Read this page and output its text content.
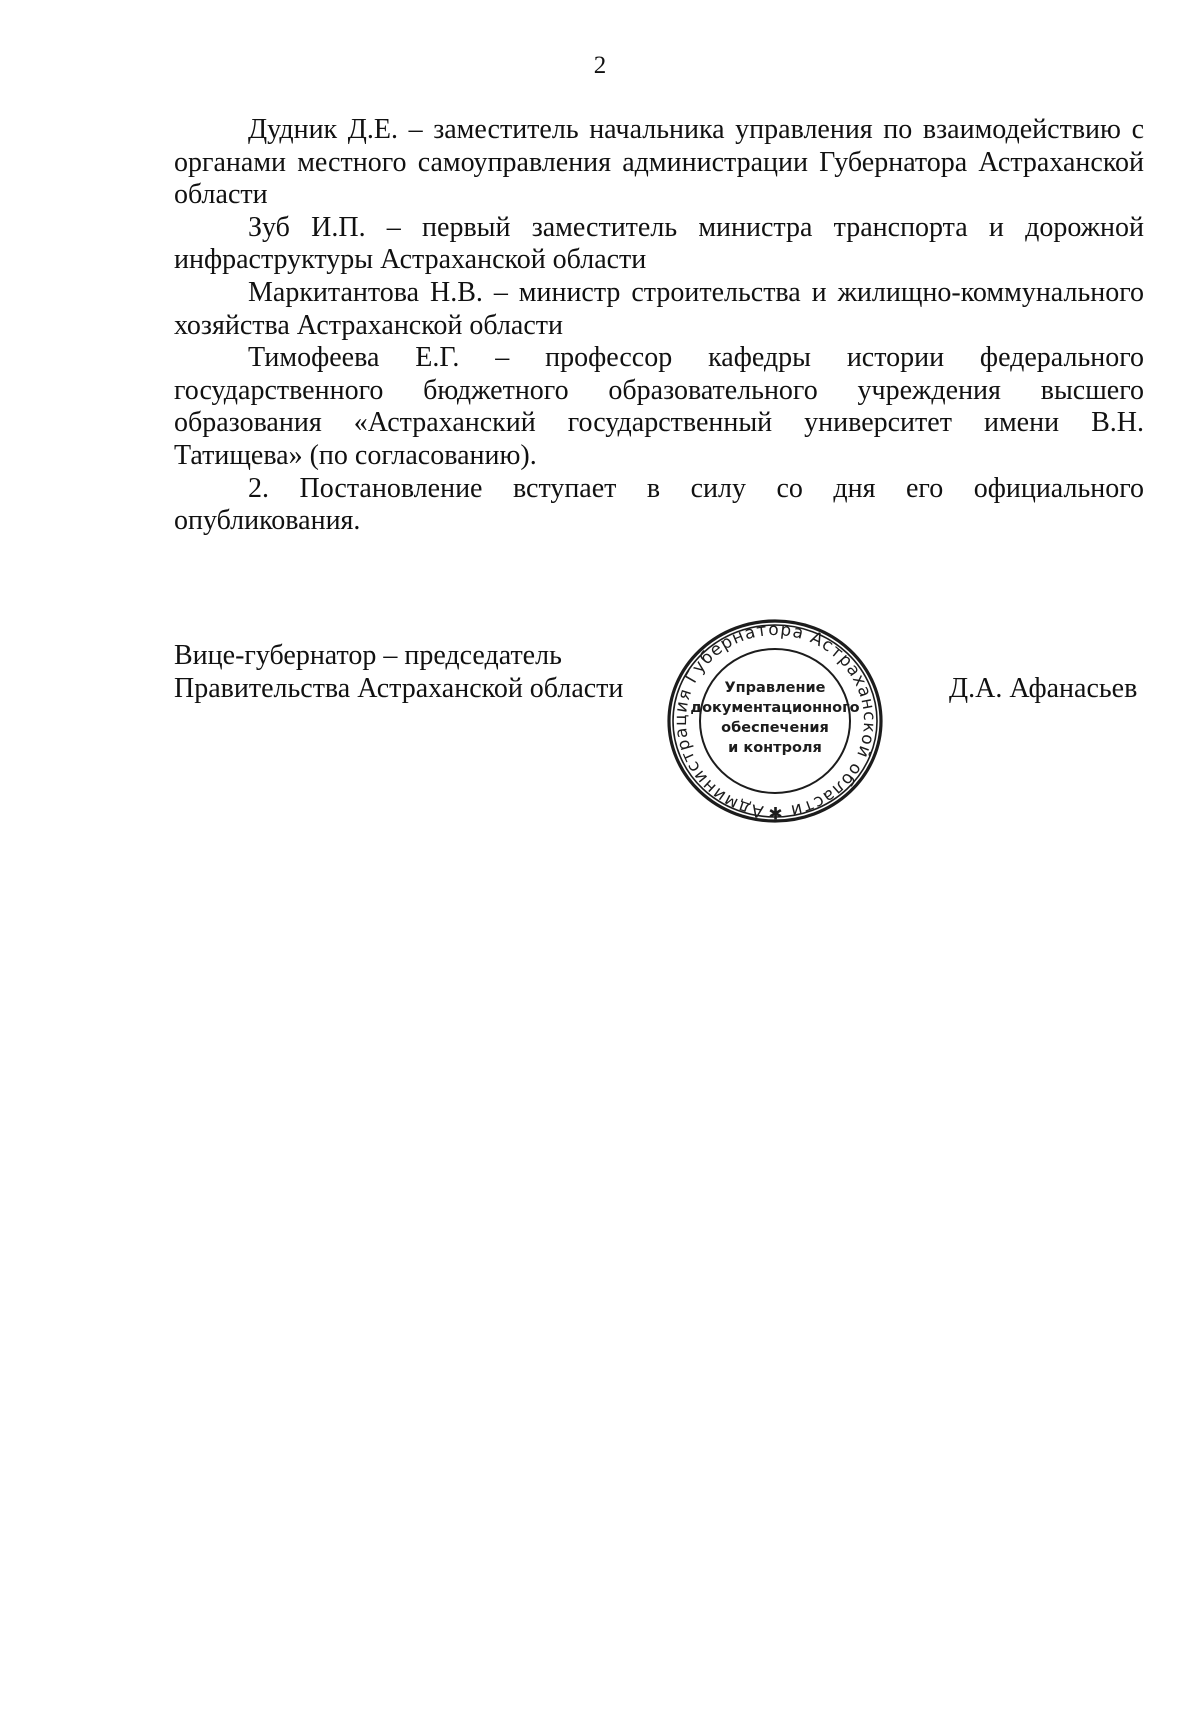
2

Дудник Д.Е. – заместитель начальника управления по взаимодействию с органами местного самоуправления администрации Губернатора Астраханской области

Зуб И.П. – первый заместитель министра транспорта и дорожной инфраструктуры Астраханской области

Маркитантова Н.В. – министр строительства и жилищно-коммунального хозяйства Астраханской области

Тимофеева Е.Г. – профессор кафедры истории федерального государственного бюджетного образовательного учреждения высшего образования «Астраханский государственный университет имени В.Н. Татищева» (по согласованию).

2. Постановление вступает в силу со дня его официального опубликования.

Вице-губернатор – председатель
Правительства Астраханской области
Администрация Губернатора Астраханской области ✱
Управление
документационного
обеспечения
и контроля
Д.А. Афанасьев
